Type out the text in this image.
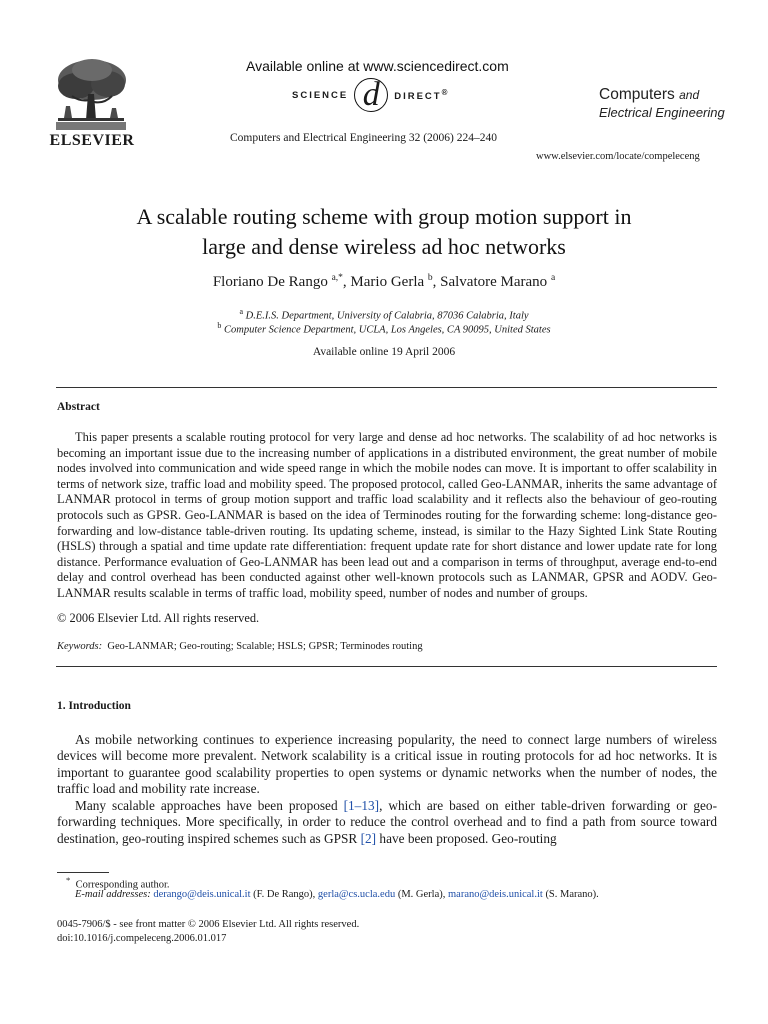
ELSEVIER
Available online at www.sciencedirect.com
SCIENCE d	DIRECT®
Computers and Electrical Engineering 32 (2006) 224–240
Computers and
Electrical Engineering
www.elsevier.com/locate/compeleceng
A scalable routing scheme with group motion support in
large and dense wireless ad hoc networks
Floriano De Rango $^{a,*}$, Mario Gerla $^b$, Salvatore Marano $^a$
$^a$ D.E.I.S. Department, University of Calabria, 87036 Calabria, Italy
$^b$ Computer Science Department, UCLA, Los Angeles, CA 90095, United States
Available online 19 April 2006
Abstract
This paper presents a scalable routing protocol for very large and dense ad hoc networks. The scalability of ad hoc networks is becoming an important issue due to the increasing number of applications in a distributed environment, the great number of mobile nodes involved into communication and wide speed range in which the mobile nodes can move. It is important to offer scalability in terms of network size, traffic load and mobility speed. The proposed protocol, called Geo-LANMAR, inherits the same advantage of LANMAR protocol in terms of group motion support and traffic load scalability and it reflects also the behaviour of geo-routing protocols such as GPSR. Geo-LANMAR is based on the idea of Terminodes routing for the forwarding scheme: long-distance geo-forwarding and low-distance table-driven routing. Its updating scheme, instead, is similar to the Hazy Sighted Link State Routing (HSLS) through a spatial and time update rate differentiation: frequent update rate for short distance and lower update rate for long distance. Performance evaluation of Geo-LANMAR has been lead out and a comparison in terms of throughput, average end-to-end delay and control overhead has been conducted against other well-known protocols such as LANMAR, GPSR and AODV. Geo-LANMAR results scalable in terms of traffic load, mobility speed, number of nodes and number of groups.
© 2006 Elsevier Ltd. All rights reserved.
Keywords: Geo-LANMAR; Geo-routing; Scalable; HSLS; GPSR; Terminodes routing
1. Introduction
As mobile networking continues to experience increasing popularity, the need to connect large numbers of wireless devices will become more prevalent. Network scalability is a critical issue in routing protocols for ad hoc networks. It is important to guarantee good scalability properties to open systems or dynamic networks when the number of nodes, the traffic load and mobility rate increase.
Many scalable approaches have been proposed [1–13], which are based on either table-driven forwarding or geo-forwarding techniques. More specifically, in order to reduce the control overhead and to find a path from source toward destination, geo-routing inspired schemes such as GPSR [2] have been proposed. Geo-routing
* Corresponding author.
E-mail addresses: derango@deis.unical.it (F. De Rango), gerla@cs.ucla.edu (M. Gerla), marano@deis.unical.it (S. Marano).
0045-7906/$ - see front matter © 2006 Elsevier Ltd. All rights reserved.
doi:10.1016/j.compeleceng.2006.01.017
